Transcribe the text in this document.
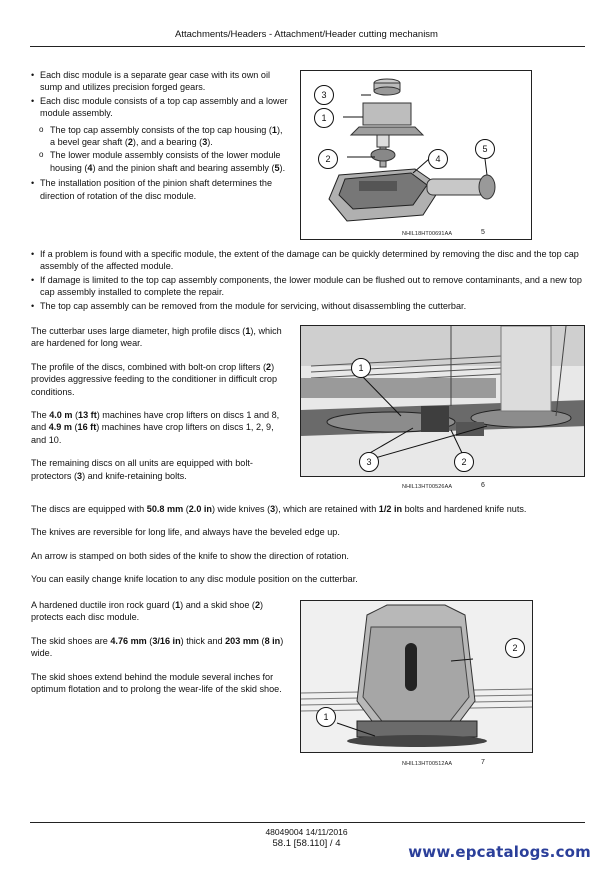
Attachments/Headers - Attachment/Header cutting mechanism
• Each disc module is a separate gear case with its own oil sump and utilizes precision forged gears.
• Each disc module consists of a top cap assembly and a lower module assembly.
o The top cap assembly consists of the top cap housing (1), a bevel gear shaft (2), and a bearing (3).
o The lower module assembly consists of the lower module housing (4) and the pinion shaft and bearing assembly (5).
• The installation position of the pinion shaft determines the direction of rotation of the disc module.
3
1
2	4
5
NHIL18HT00691AA	5
• If a problem is found with a specific module, the extent of the damage can be quickly determined by removing the disc and the top cap assembly of the affected module.
• If damage is limited to the top cap assembly components, the lower module can be flushed out to remove contaminants, and a new top cap assembly installed to complete the repair.
• The top cap assembly can be removed from the module for servicing, without disassembling the cutterbar.

The cutterbar uses large diameter, high profile discs (1), which are hardened for long wear.

The profile of the discs, combined with bolt-on crop lifters (2) provides aggressive feeding to the conditioner in difficult crop conditions.

The 4.0 m (13 ft) machines have crop lifters on discs 1 and 8, and 4.9 m (16 ft) machines have crop lifters on discs 1, 2, 9, and 10.

The remaining discs on all units are equipped with bolt-protectors (3) and knife-retaining bolts.

1
3	2
NHIL13HT00526AA	6

The discs are equipped with 50.8 mm (2.0 in) wide knives (3), which are retained with 1/2 in bolts and hardened knife nuts.

The knives are reversible for long life, and always have the beveled edge up.

An arrow is stamped on both sides of the knife to show the direction of rotation.

You can easily change knife location to any disc module position on the cutterbar.

A hardened ductile iron rock guard (1) and a skid shoe (2) protects each disc module.

The skid shoes are 4.76 mm (3/16 in) thick and 203 mm (8 in) wide.

The skid shoes extend behind the module several inches for optimum flotation and to prolong the wear-life of the skid shoe.

2
1
NHIL13HT00512AA	7
48049004 14/11/2016
58.1 [58.110] / 4	www.epcatalogs.com
